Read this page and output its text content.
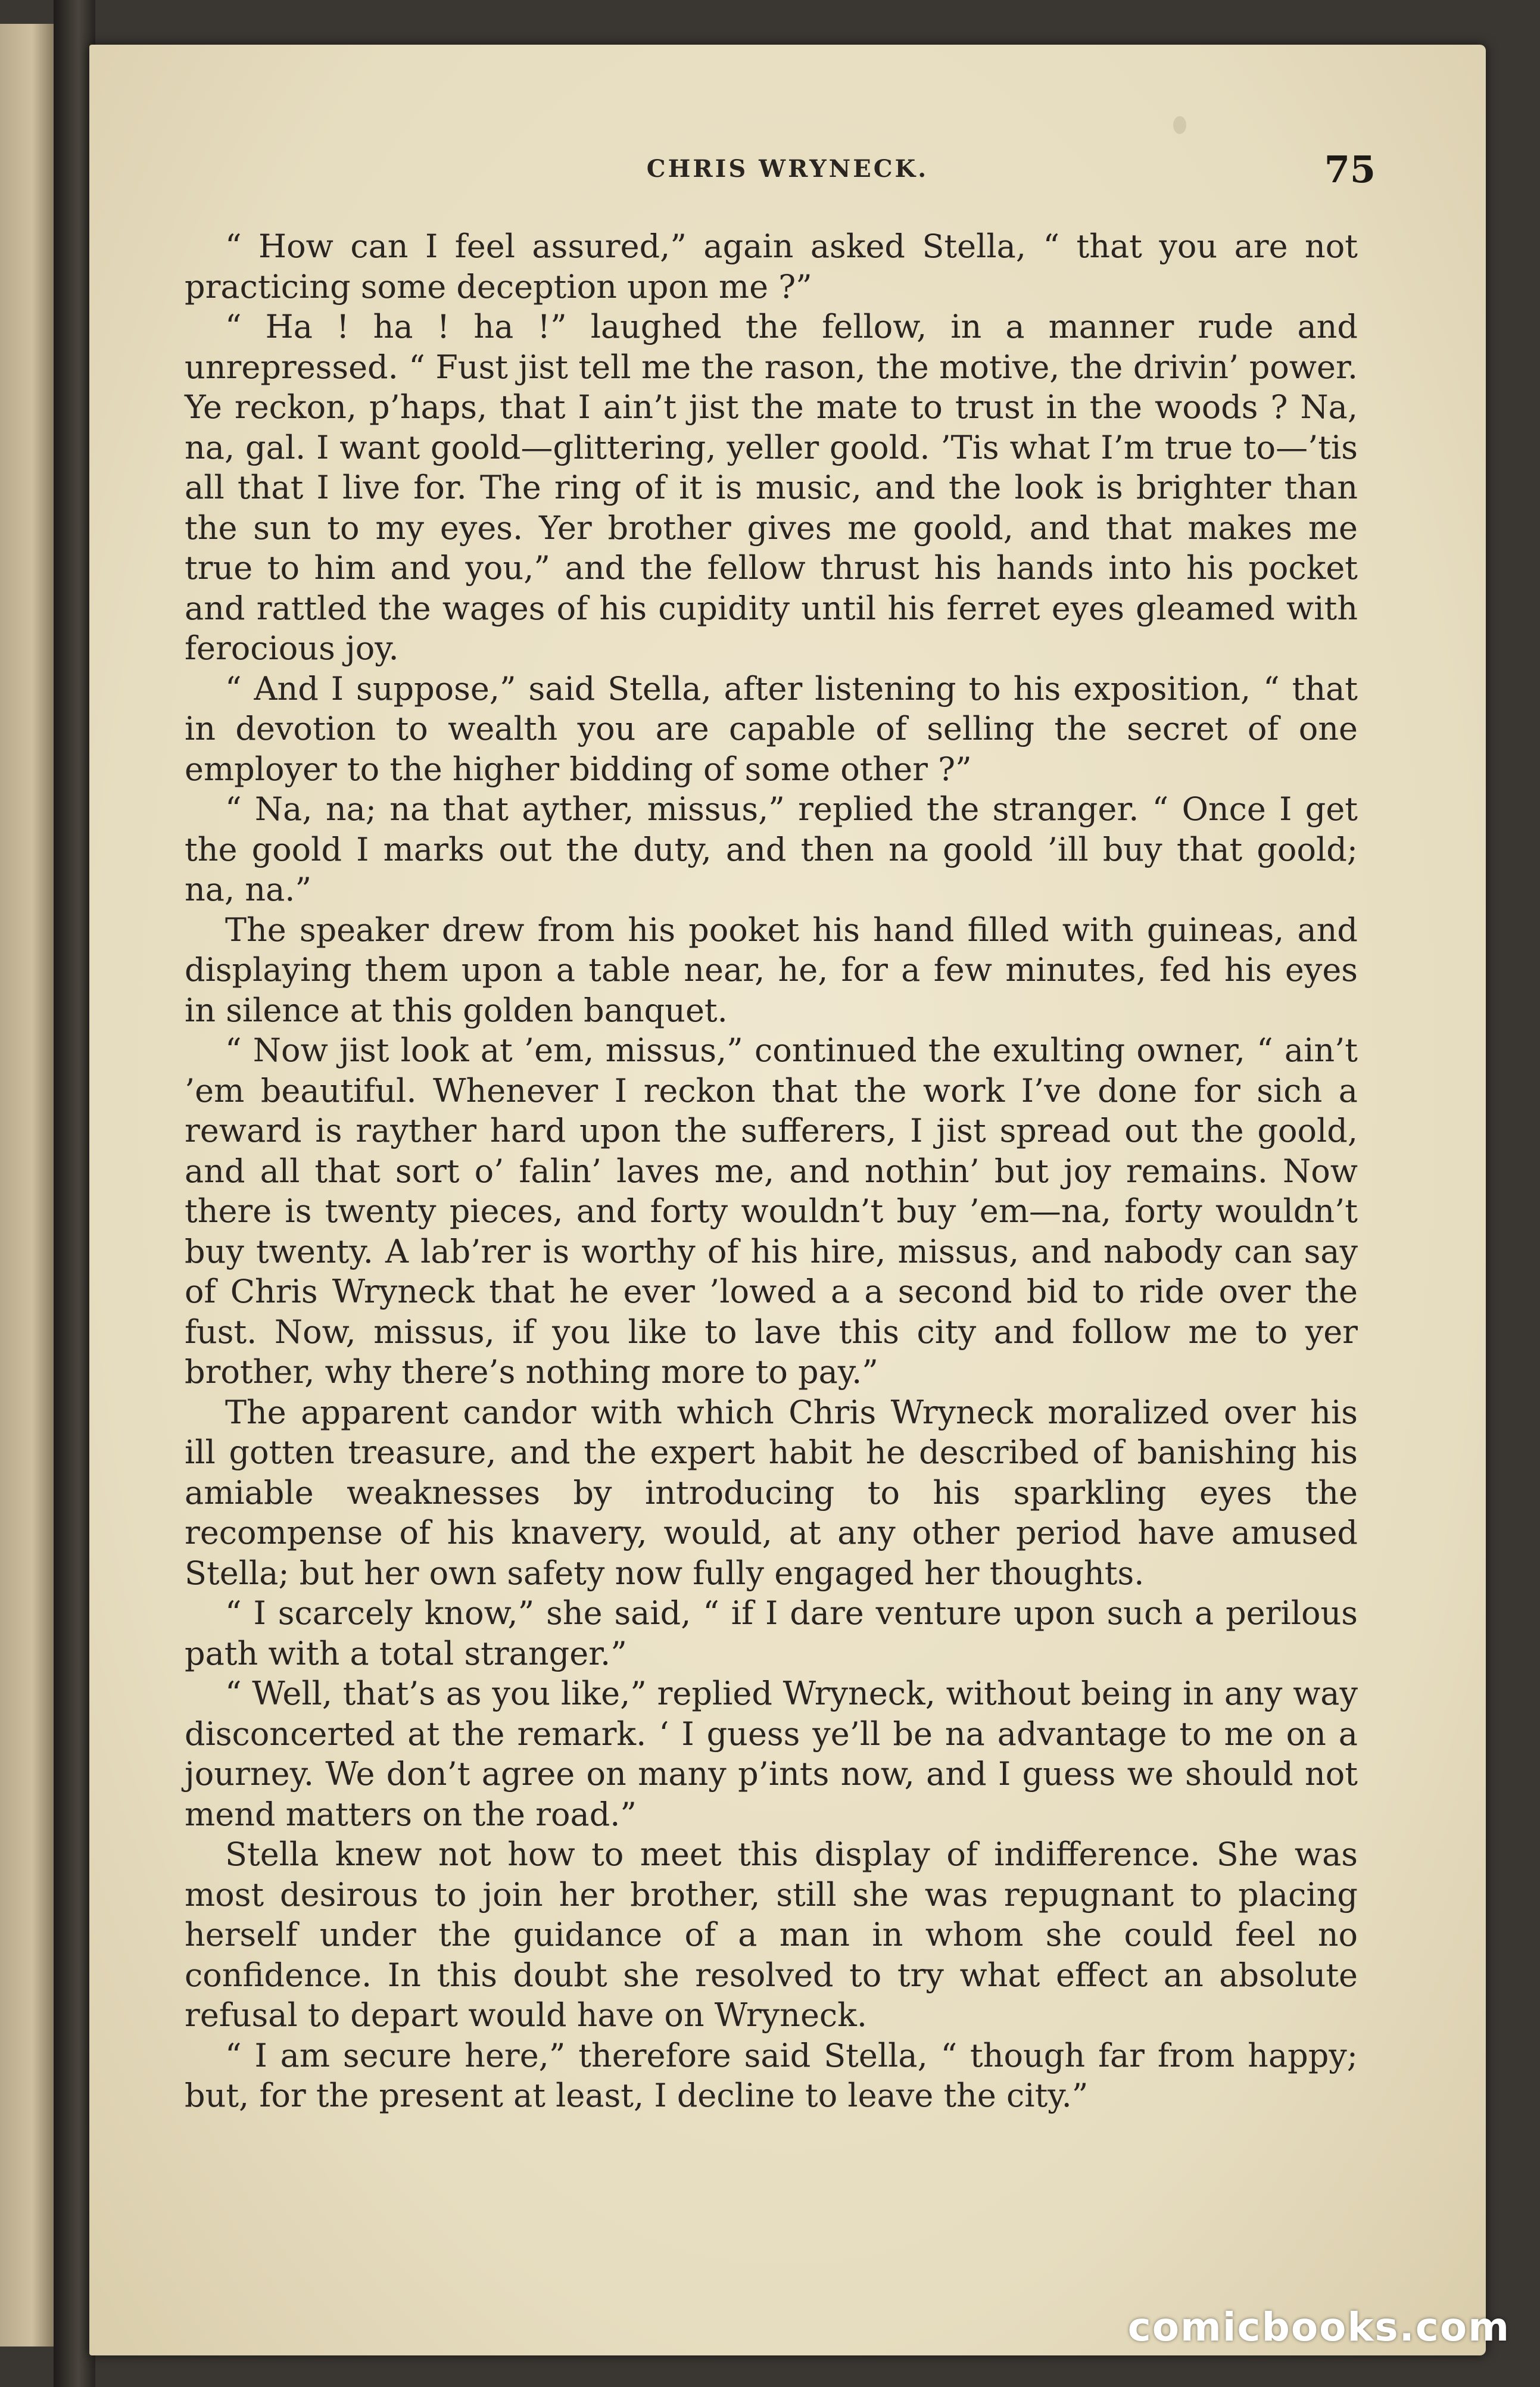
CHRIS WRYNECK.	75

“ How can I feel assured,” again asked Stella, “ that you are not practicing some deception upon me ?”

“ Ha ! ha ! ha !” laughed the fellow, in a manner rude and unrepressed. “ Fust jist tell me the rason, the motive, the drivin’ power. Ye reckon, p’haps, that I ain’t jist the mate to trust in the woods ? Na, na, gal. I want goold—glittering, yeller goold. ’Tis what I’m true to—’tis all that I live for. The ring of it is music, and the look is brighter than the sun to my eyes. Yer brother gives me goold, and that makes me true to him and you,” and the fellow thrust his hands into his pocket and rattled the wages of his cupidity until his ferret eyes gleamed with ferocious joy.

“ And I suppose,” said Stella, after listening to his exposition, “ that in devotion to wealth you are capable of selling the secret of one employer to the higher bidding of some other ?”

“ Na, na; na that ayther, missus,” replied the stranger. “ Once I get the goold I marks out the duty, and then na goold ’ill buy that goold; na, na.”

The speaker drew from his pooket his hand filled with guineas, and displaying them upon a table near, he, for a few minutes, fed his eyes in silence at this golden banquet.

“ Now jist look at ’em, missus,” continued the exulting owner, “ ain’t ’em beautiful. Whenever I reckon that the work I’ve done for sich a reward is rayther hard upon the sufferers, I jist spread out the goold, and all that sort o’ falin’ laves me, and nothin’ but joy remains. Now there is twenty pieces, and forty wouldn’t buy ’em—na, forty wouldn’t buy twenty. A lab’rer is worthy of his hire, missus, and nabody can say of Chris Wryneck that he ever ’lowed a a second bid to ride over the fust. Now, missus, if you like to lave this city and follow me to yer brother, why there’s nothing more to pay.”

The apparent candor with which Chris Wryneck moralized over his ill gotten treasure, and the expert habit he described of banishing his amiable weaknesses by introducing to his sparkling eyes the recompense of his knavery, would, at any other period have amused Stella; but her own safety now fully engaged her thoughts.

“ I scarcely know,” she said, “ if I dare venture upon such a perilous path with a total stranger.”

“ Well, that’s as you like,” replied Wryneck, without being in any way disconcerted at the remark. ‘ I guess ye’ll be na advantage to me on a journey. We don’t agree on many p’ints now, and I guess we should not mend matters on the road.”

Stella knew not how to meet this display of indifference. She was most desirous to join her brother, still she was repugnant to placing herself under the guidance of a man in whom she could feel no confidence. In this doubt she resolved to try what effect an absolute refusal to depart would have on Wryneck.

“ I am secure here,” therefore said Stella, “ though far from happy; but, for the present at least, I decline to leave the city.”

comicbooks.com
